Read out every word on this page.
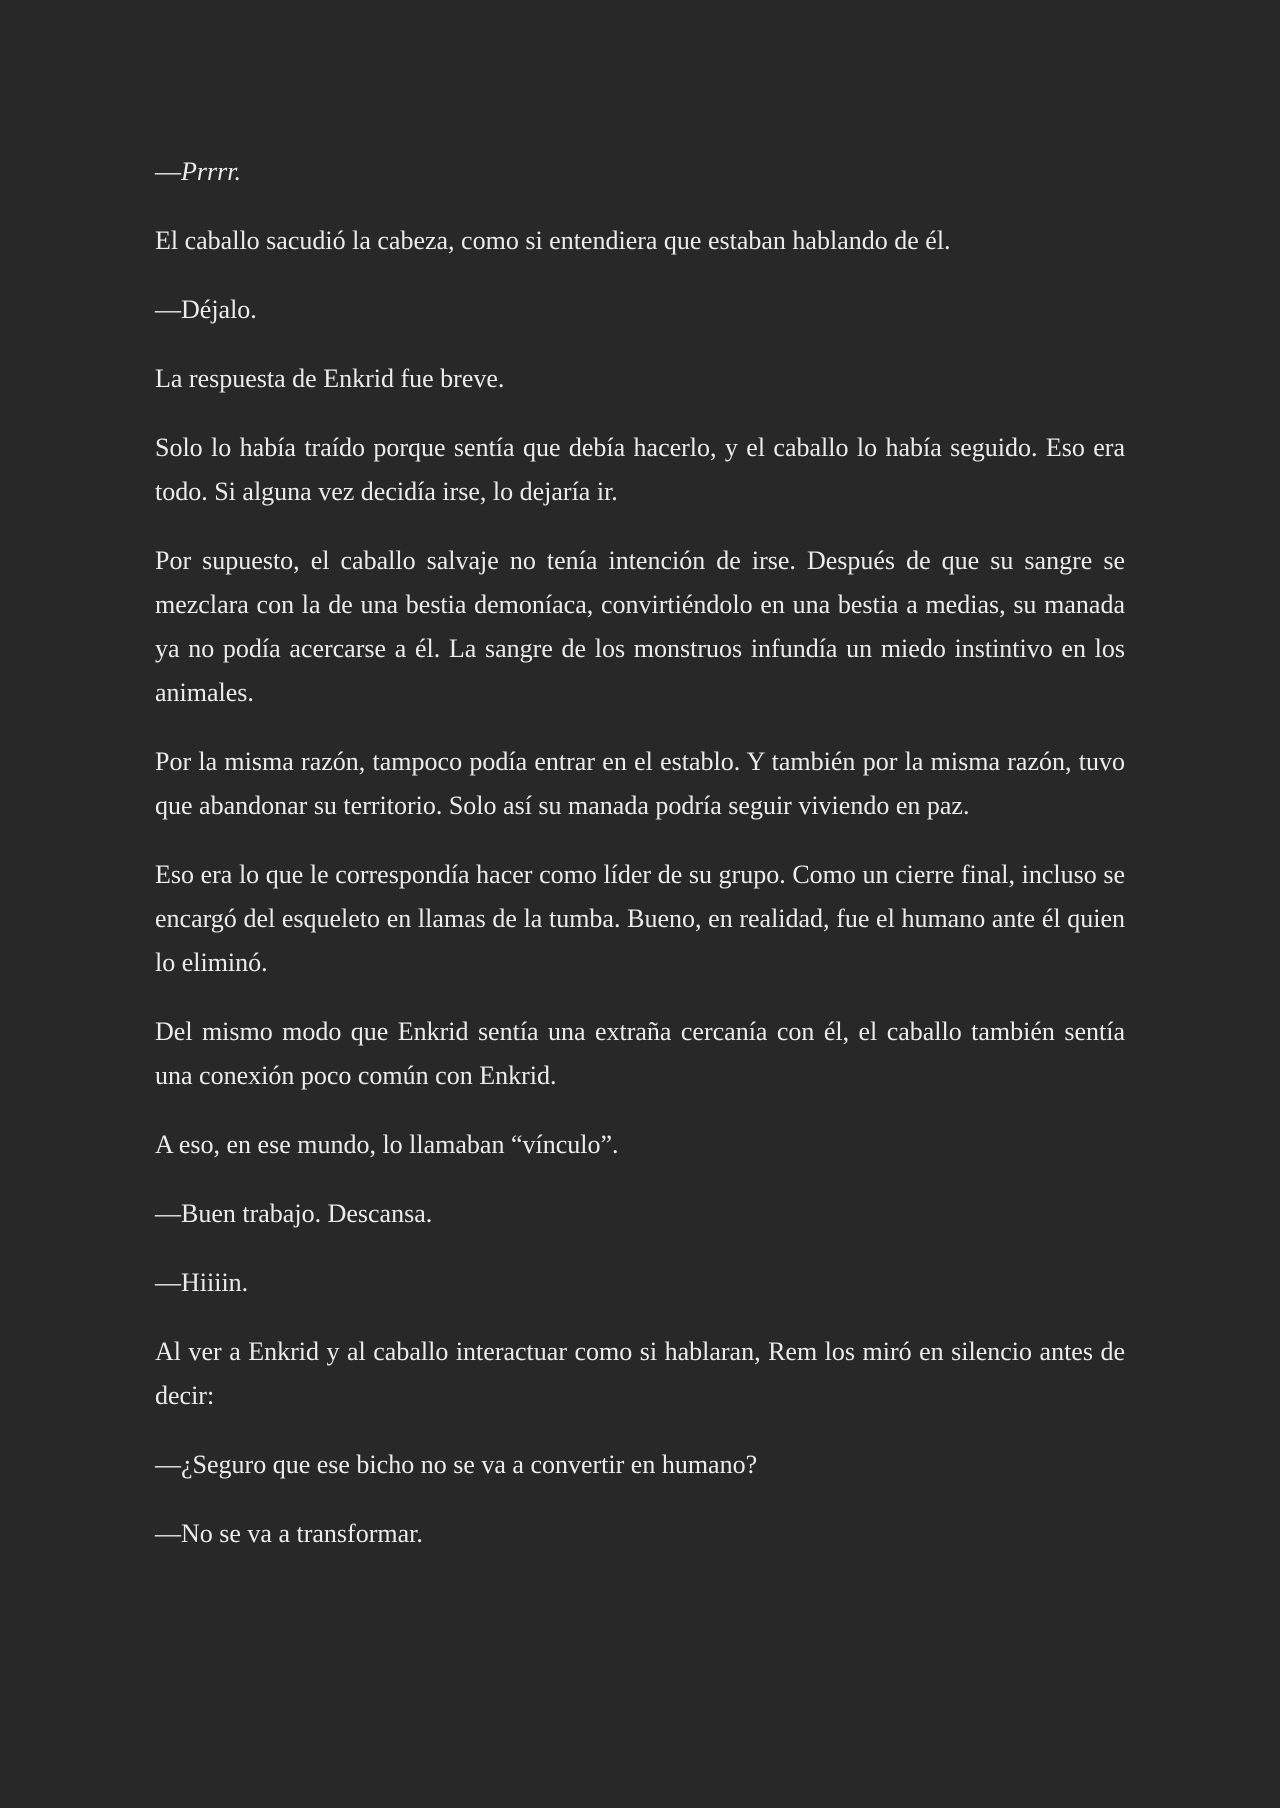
—Prrrr.

El caballo sacudió la cabeza, como si entendiera que estaban hablando de él.

—Déjalo.

La respuesta de Enkrid fue breve.

Solo lo había traído porque sentía que debía hacerlo, y el caballo lo había seguido. Eso era todo. Si alguna vez decidía irse, lo dejaría ir.

Por supuesto, el caballo salvaje no tenía intención de irse. Después de que su sangre se mezclara con la de una bestia demoníaca, convirtiéndolo en una bestia a medias, su manada ya no podía acercarse a él. La sangre de los monstruos infundía un miedo instintivo en los animales.

Por la misma razón, tampoco podía entrar en el establo. Y también por la misma razón, tuvo que abandonar su territorio. Solo así su manada podría seguir viviendo en paz.

Eso era lo que le correspondía hacer como líder de su grupo. Como un cierre final, incluso se encargó del esqueleto en llamas de la tumba. Bueno, en realidad, fue el humano ante él quien lo eliminó.

Del mismo modo que Enkrid sentía una extraña cercanía con él, el caballo también sentía una conexión poco común con Enkrid.

A eso, en ese mundo, lo llamaban “vínculo”.

—Buen trabajo. Descansa.

—Hiiiin.

Al ver a Enkrid y al caballo interactuar como si hablaran, Rem los miró en silencio antes de decir:

—¿Seguro que ese bicho no se va a convertir en humano?

—No se va a transformar.
